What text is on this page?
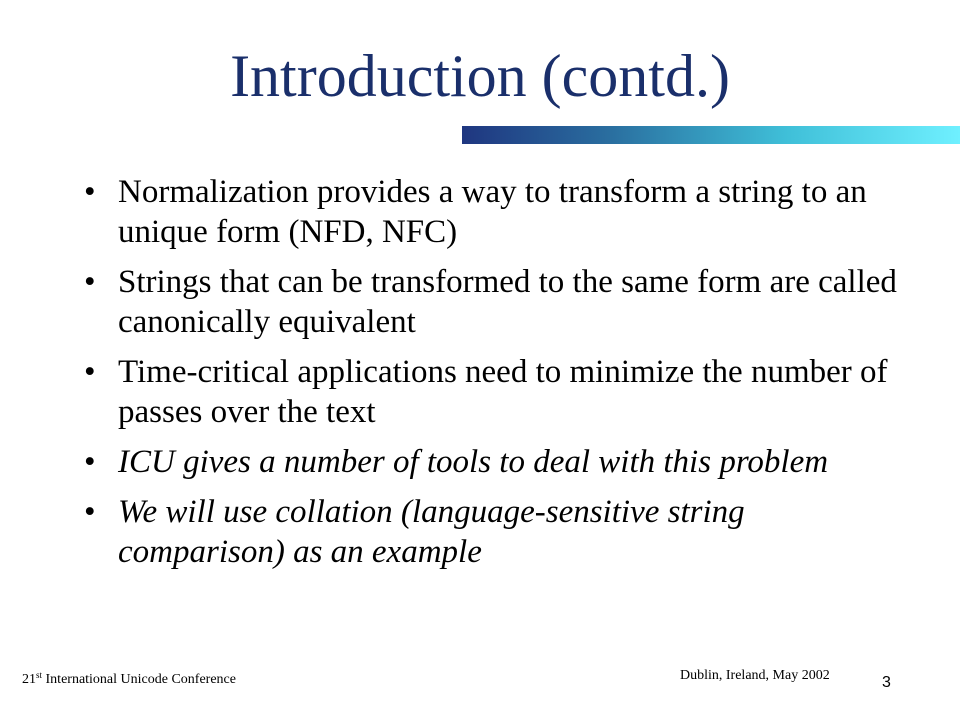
Introduction (contd.)
• Normalization provides a way to transform a string to an unique form (NFD, NFC)
• Strings that can be transformed to the same form are called canonically equivalent
• Time-critical applications need to minimize the number of passes over the text
• ICU gives a number of tools to deal with this problem
• We will use collation (language-sensitive string comparison) as an example
21st International Unicode Conference	Dublin, Ireland, May 2002	3
